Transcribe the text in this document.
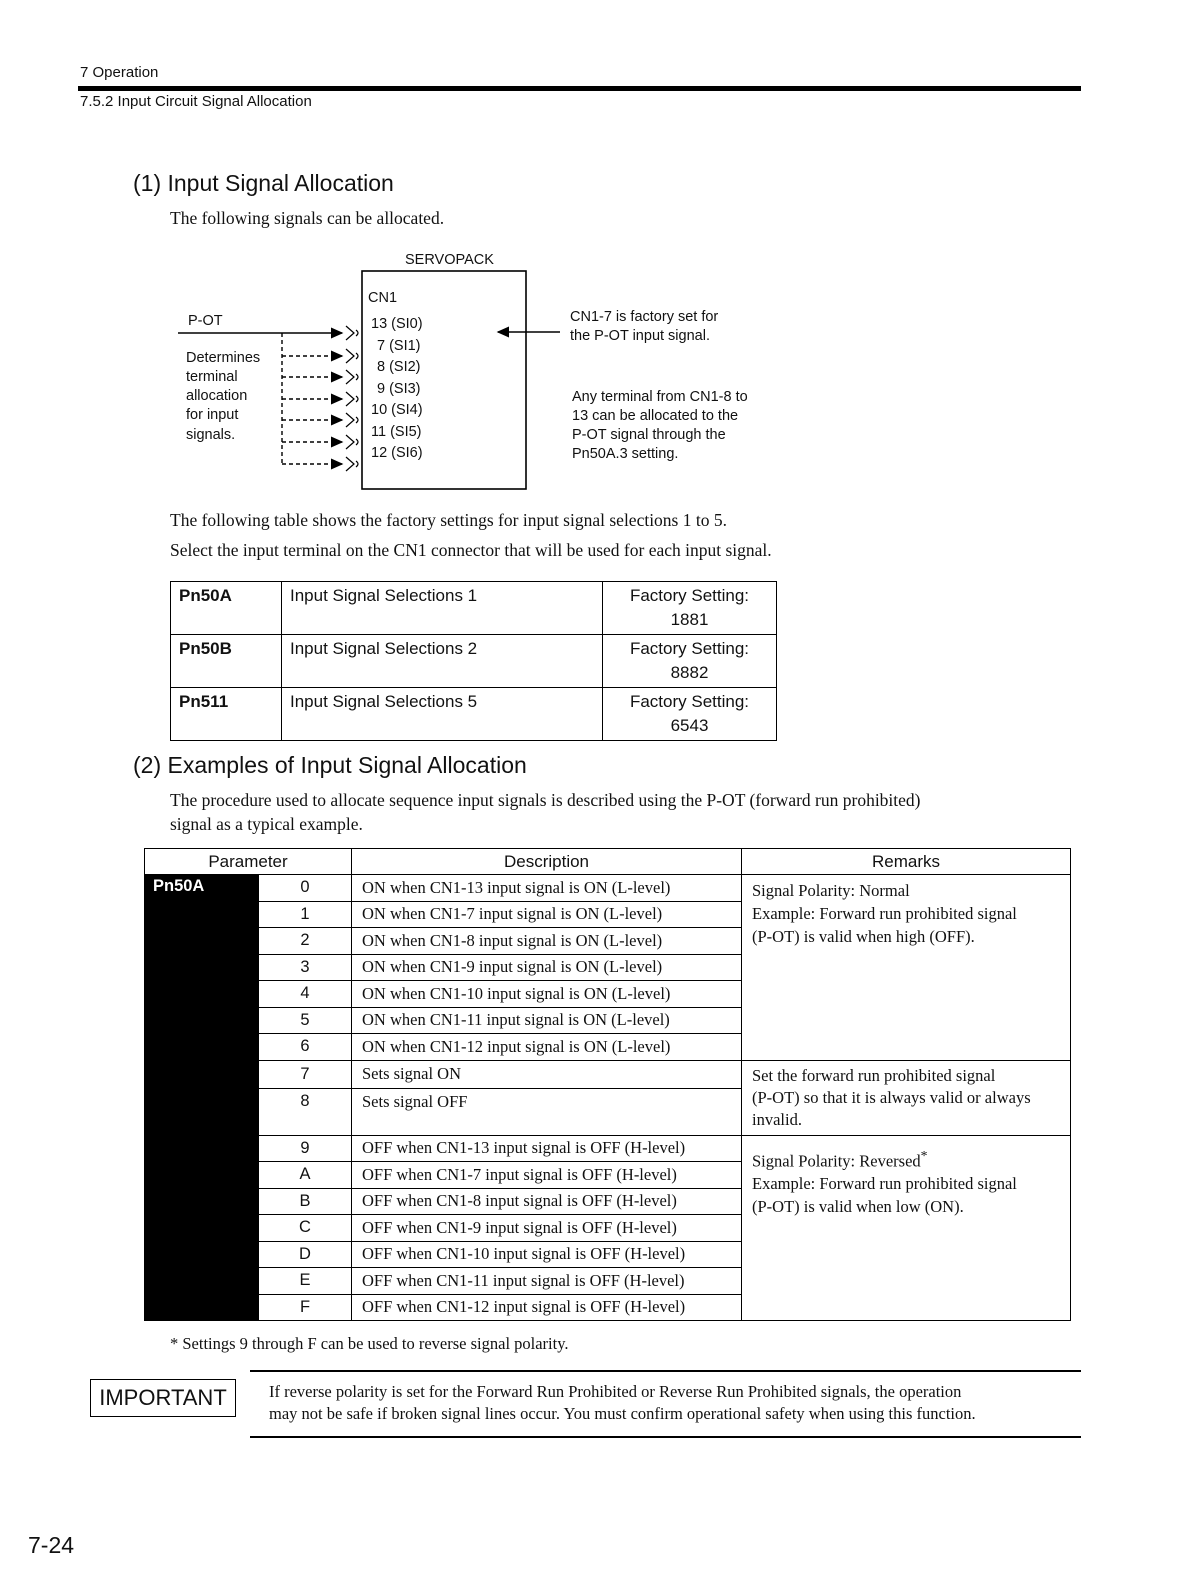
7 Operation
7.5.2 Input Circuit Signal Allocation
(1) Input Signal Allocation
The following signals can be allocated.
SERVOPACK
CN1
P-OT	13 (SI0)
7 (SI1)
8 (SI2)
9 (SI3)
10 (SI4)
11 (SI5)
12 (SI6)
Determines
terminal
allocation
for input
signals.
CN1-7 is factory set for
the P-OT input signal.
Any terminal from CN1-8 to
13 can be allocated to the
P-OT signal through the
Pn50A.3 setting.
The following table shows the factory settings for input signal selections 1 to 5.
Select the input terminal on the CN1 connector that will be used for each input signal.
Pn50A	Input Signal Selections 1	Factory Setting:
1881
Pn50B	Input Signal Selections 2	Factory Setting:
8882
Pn511	Input Signal Selections 5	Factory Setting:
6543
(2) Examples of Input Signal Allocation
The procedure used to allocate sequence input signals is described using the P-OT (forward run prohibited)
signal as a typical example.
Parameter		Description	Remarks
Pn50A	0	ON when CN1-13 input signal is ON (L-level)	Signal Polarity: Normal
Example: Forward run prohibited signal
(P-OT) is valid when high (OFF).

	1	ON when CN1-7 input signal is ON (L-level)	
	2	ON when CN1-8 input signal is ON (L-level)	
	3	ON when CN1-9 input signal is ON (L-level)	
	4	ON when CN1-10 input signal is ON (L-level)	
	5	ON when CN1-11 input signal is ON (L-level)	
	6	ON when CN1-12 input signal is ON (L-level)	
	7	Sets signal ON	Set the forward run prohibited signal
(P-OT) so that it is always valid or always
invalid.

	8	Sets signal OFF	
	9	OFF when CN1-13 input signal is OFF (H-level)	Signal Polarity: Reversed*
Example: Forward run prohibited signal
(P-OT) is valid when low (ON).

	A	OFF when CN1-7 input signal is OFF (H-level)	
	B	OFF when CN1-8 input signal is OFF (H-level)	
	C	OFF when CN1-9 input signal is OFF (H-level)	
	D	OFF when CN1-10 input signal is OFF (H-level)	
	E	OFF when CN1-11 input signal is OFF (H-level)	
	F	OFF when CN1-12 input signal is OFF (H-level)	
* Settings 9 through F can be used to reverse signal polarity.
IMPORTANT	If reverse polarity is set for the Forward Run Prohibited or Reverse Run Prohibited signals, the operation
may not be safe if broken signal lines occur. You must confirm operational safety when using this function.
7-24
